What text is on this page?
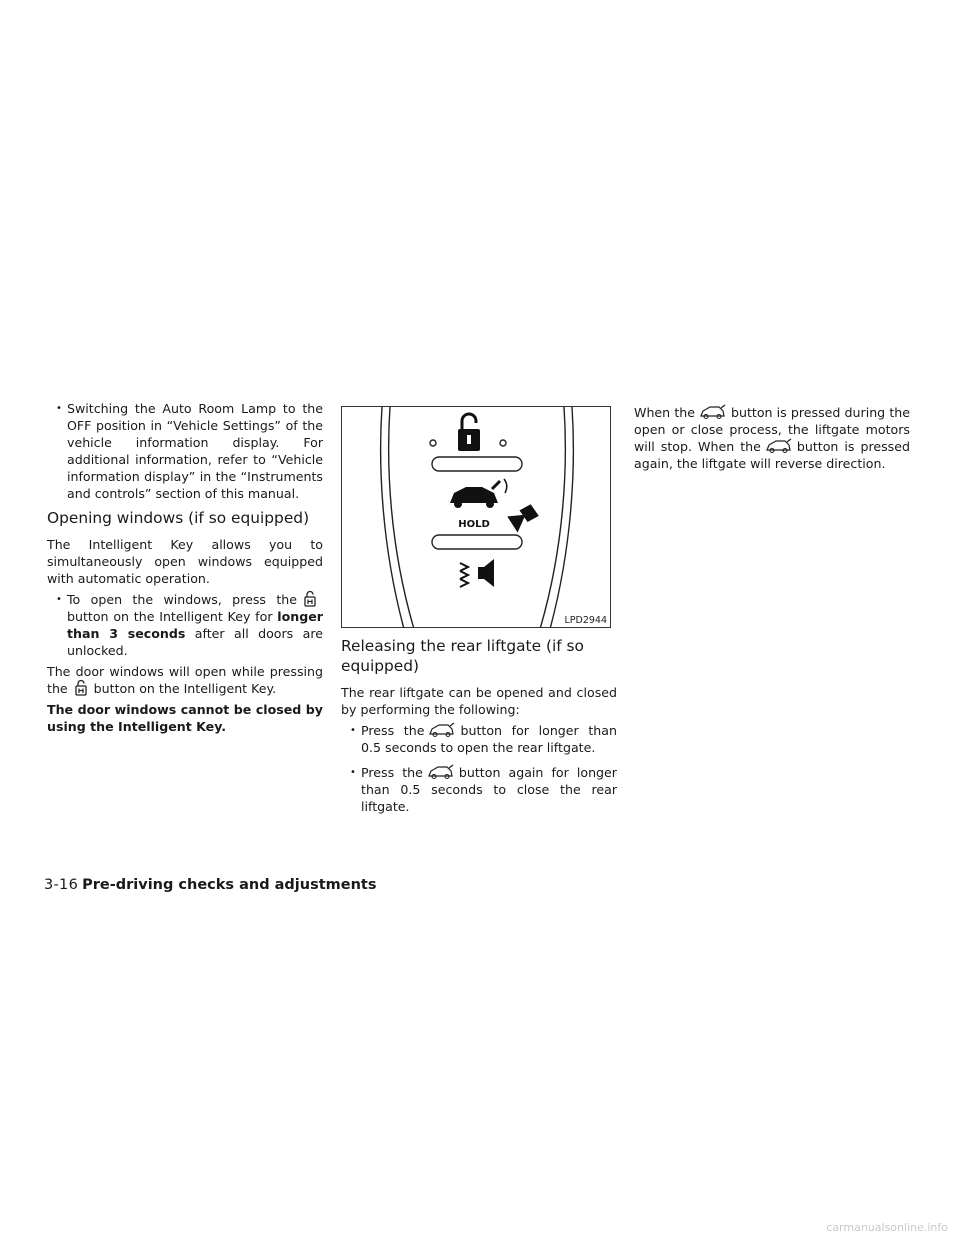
• Switching the Auto Room Lamp to the OFF position in “Vehicle Settings” of the vehicle information display. For additional information, refer to “Vehicle information display” in the “Instruments and controls” section of this manual.
Opening windows (if so equipped)

The Intelligent Key allows you to simultaneously open windows equipped with automatic operation.

• To open the windows, press the
button on the Intelligent Key for longer than 3 seconds after all doors are unlocked.

The door windows will open while pressing the button on the Intelligent Key.

The door windows cannot be closed by using the Intelligent Key.

HOLD
LPD2944
Releasing the rear liftgate (if so equipped)

The rear liftgate can be opened and closed by performing the following:

• Press the	button for longer than 0.5 seconds to open the rear liftgate.
• Press the	button again for longer than 0.5 seconds to close the rear liftgate.

When the	button is pressed during the open or close process, the liftgate motors will stop. When the	button is pressed again, the liftgate will reverse direction.

3-16 Pre-driving checks and adjustments
carmanualsonline.info
